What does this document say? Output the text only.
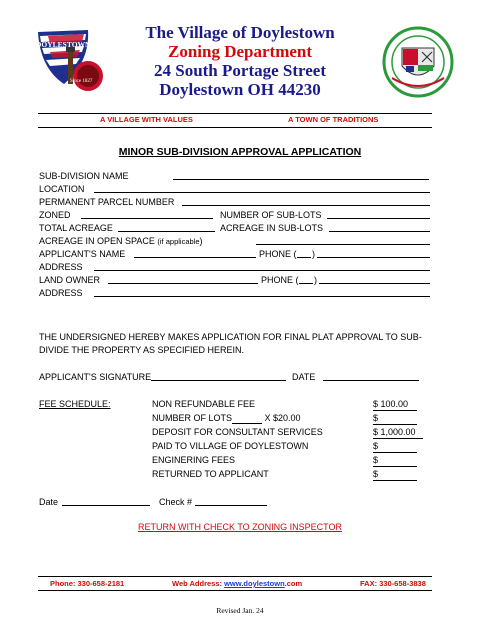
DOYLESTOWN
Since 1827
The Village of Doylestown
Zoning Department
24 South Portage Street
Doylestown OH 44230
A VILLAGE WITH VALUES	A TOWN OF TRADITIONS
MINOR SUB-DIVISION APPROVAL APPLICATION
SUB-DIVISION NAME
LOCATION
PERMANENT PARCEL NUMBER
ZONED	NUMBER OF SUB-LOTS
TOTAL ACREAGE	ACREAGE IN SUB-LOTS
ACREAGE IN OPEN SPACE (if applicable)
APPLICANT'S NAME	PHONE ( )
ADDRESS
LAND OWNER	PHONE ( )
ADDRESS
THE UNDERSIGNED HEREBY MAKES APPLICATION FOR FINAL PLAT APPROVAL TO SUB-DIVIDE THE PROPERTY AS SPECIFIED HEREIN.
APPLICANT'S SIGNATURE	DATE
FEE SCHEDULE:	NON REFUNDABLE FEE	$ 100.00
NUMBER OF LOTS	X $20.00	$
DEPOSIT FOR CONSULTANT SERVICES	$ 1,000.00
PAID TO VILLAGE OF DOYLESTOWN	$
ENGINERING FEES	$
RETURNED TO APPLICANT	$
Date	Check #
RETURN WITH CHECK TO ZONING INSPECTOR
Phone: 330-658-2181	Web Address: www.doylestown.com	FAX: 330-658-3838
Revised Jan. 24
